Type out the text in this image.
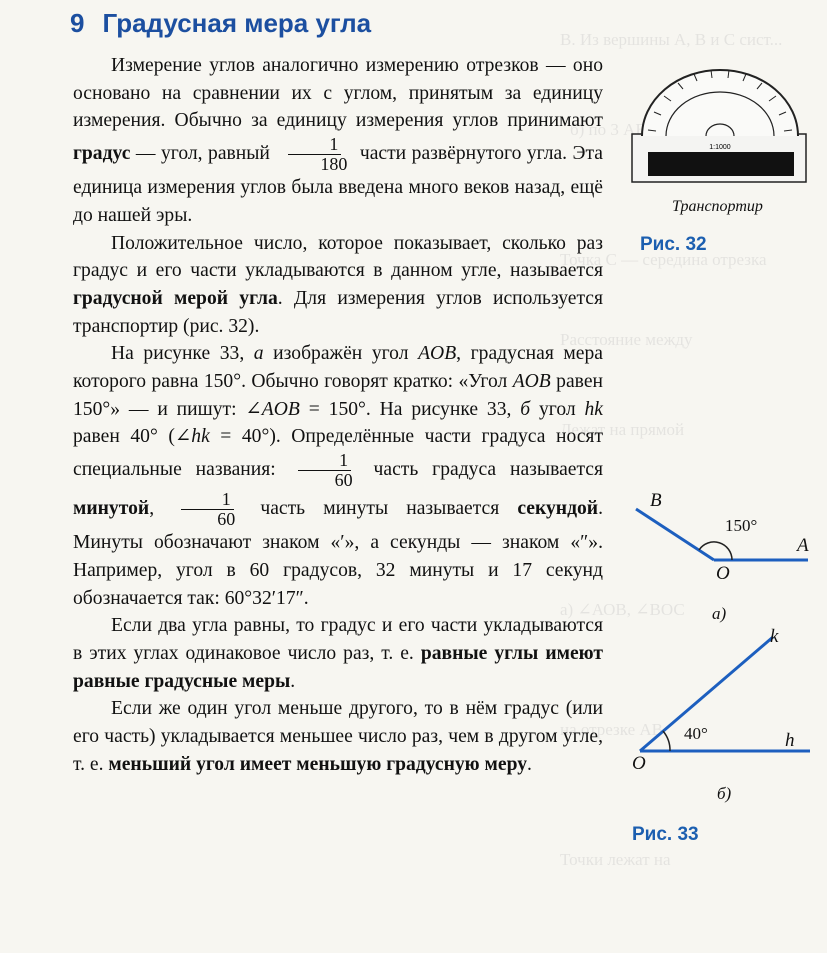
В. Из вершины А, В и С сист...
б) по 3 АВ-о.
Точка С — середина отрезка
Расстояние между
Лежат на прямой
а) ∠АОВ, ∠ВОС
на отрезке АВ
Точки лежат на
9 Градусная мера угла

Измерение углов аналогично измерению отрезков — оно основано на сравнении их с углом, принятым за единицу измерения. Обычно за единицу измерения углов принимают градус — угол, равный $\frac{1}{180}$ части развёрнутого угла. Эта единица измерения углов была введена много веков назад, ещё до нашей эры.

Положительное число, которое показывает, сколько раз градус и его части укладываются в данном угле, называется градусной мерой угла. Для измерения углов используется транспортир (рис. 32).

На рисунке 33, а изображён угол AOB, градусная мера которого равна 150°. Обычно говорят кратко: «Угол AOB равен 150°» — и пишут: ∠AOB = 150°. На рисунке 33, б угол hk равен 40° (∠hk = 40°). Определённые части градуса носят специальные названия: $\frac{1}{60}$ часть градуса называется минутой, $\frac{1}{60}$ часть минуты называется секундой. Минуты обозначают знаком «′», а секунды — знаком «″». Например, угол в 60 градусов, 32 минуты и 17 секунд обозначается так: 60°32′17″.

Если два угла равны, то градус и его части укладываются в этих углах одинаковое число раз, т. е. равные углы имеют равные градусные меры.

Если же один угол меньше другого, то в нём градус (или его часть) укладывается меньшее число раз, чем в другом угле, т. е. меньший угол имеет меньшую градусную меру.

1:1000
Транспортир
Рис. 32
B
A
O
150°
а)
k
h
O
40°
б)
Рис. 33
